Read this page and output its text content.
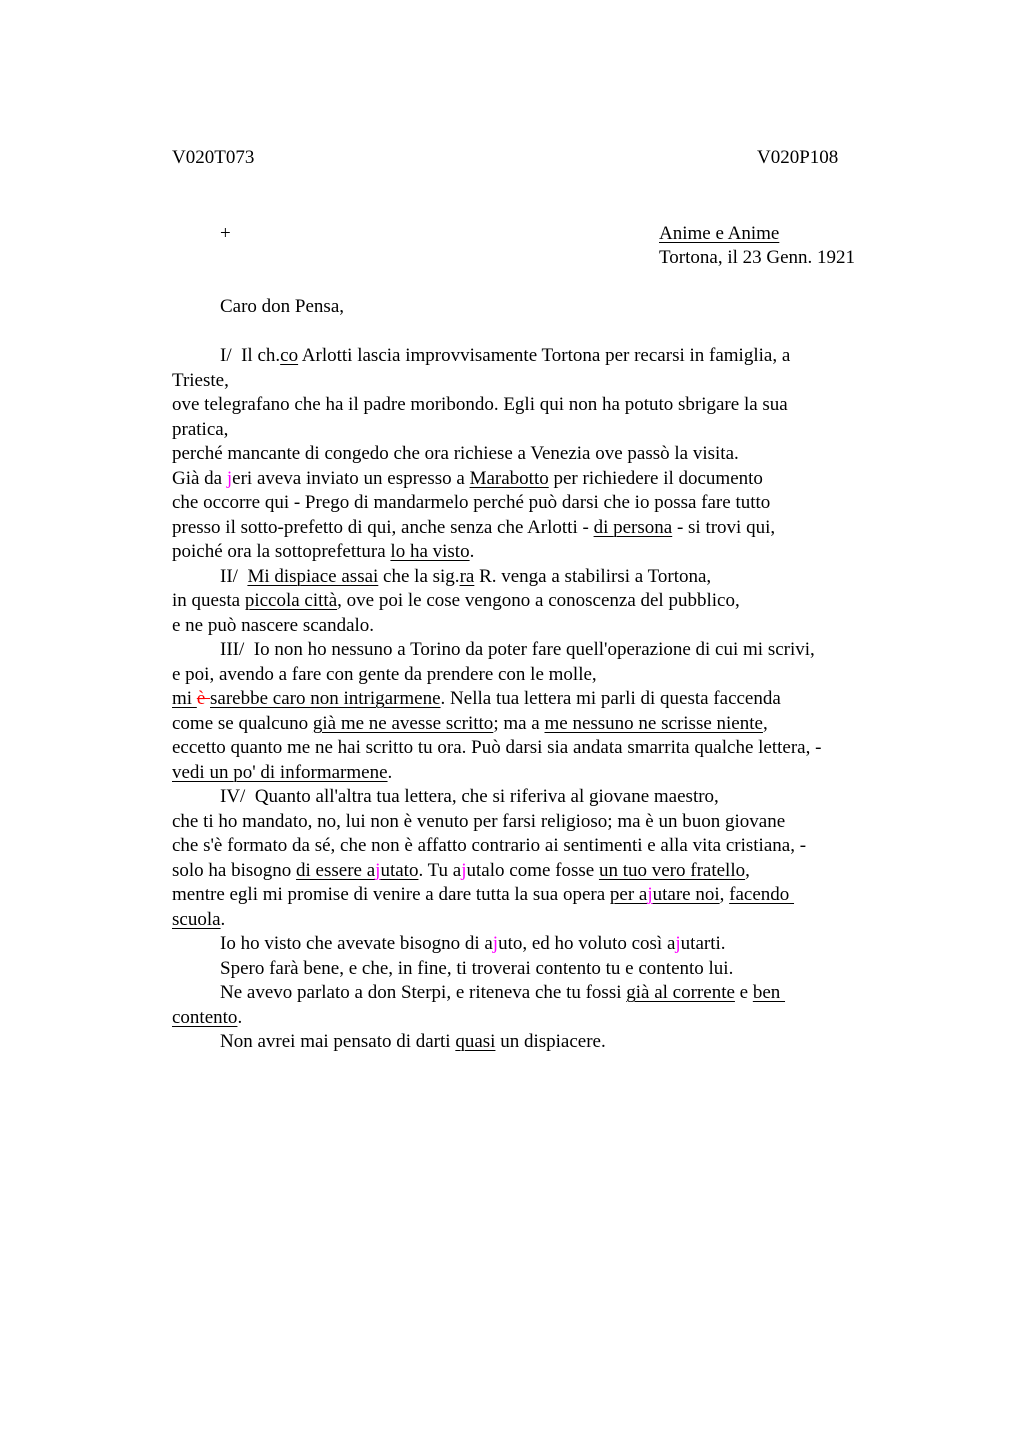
V020T073	V020P108
+	Anime e Anime
Tortona, il 23 Genn. 1921
Caro don Pensa,
I/  Il ch.co Arlotti lascia improvvisamente Tortona per recarsi in famiglia, a
Trieste,
ove telegrafano che ha il padre moribondo. Egli qui non ha potuto sbrigare la sua
pratica,
perché mancante di congedo che ora richiese a Venezia ove passò la visita.
Già da jeri aveva inviato un espresso a Marabotto per richiedere il documento
che occorre qui - Prego di mandarmelo perché può darsi che io possa fare tutto
presso il sotto-prefetto di qui, anche senza che Arlotti - di persona - si trovi qui,
poiché ora la sottoprefettura lo ha visto.
II/  Mi dispiace assai che la sig.ra R. venga a stabilirsi a Tortona,
in questa piccola città, ove poi le cose vengono a conoscenza del pubblico,
e ne può nascere scandalo.
III/  Io non ho nessuno a Torino da poter fare quell'operazione di cui mi scrivi,
e poi, avendo a fare con gente da prendere con le molle,
mi è sarebbe caro non intrigarmene. Nella tua lettera mi parli di questa faccenda
come se qualcuno già me ne avesse scritto; ma a me nessuno ne scrisse niente,
eccetto quanto me ne hai scritto tu ora. Può darsi sia andata smarrita qualche lettera, -
vedi un po' di informarmene.
IV/  Quanto all'altra tua lettera, che si riferiva al giovane maestro,
che ti ho mandato, no, lui non è venuto per farsi religioso; ma è un buon giovane
che s'è formato da sé, che non è affatto contrario ai sentimenti e alla vita cristiana, -
solo ha bisogno di essere ajutato. Tu ajutalo come fosse un tuo vero fratello,
mentre egli mi promise di venire a dare tutta la sua opera per ajutare noi, facendo
scuola.
Io ho visto che avevate bisogno di ajuto, ed ho voluto così ajutarti.
Spero farà bene, e che, in fine, ti troverai contento tu e contento lui.
Ne avevo parlato a don Sterpi, e riteneva che tu fossi già al corrente e ben
contento.
Non avrei mai pensato di darti quasi un dispiacere.
